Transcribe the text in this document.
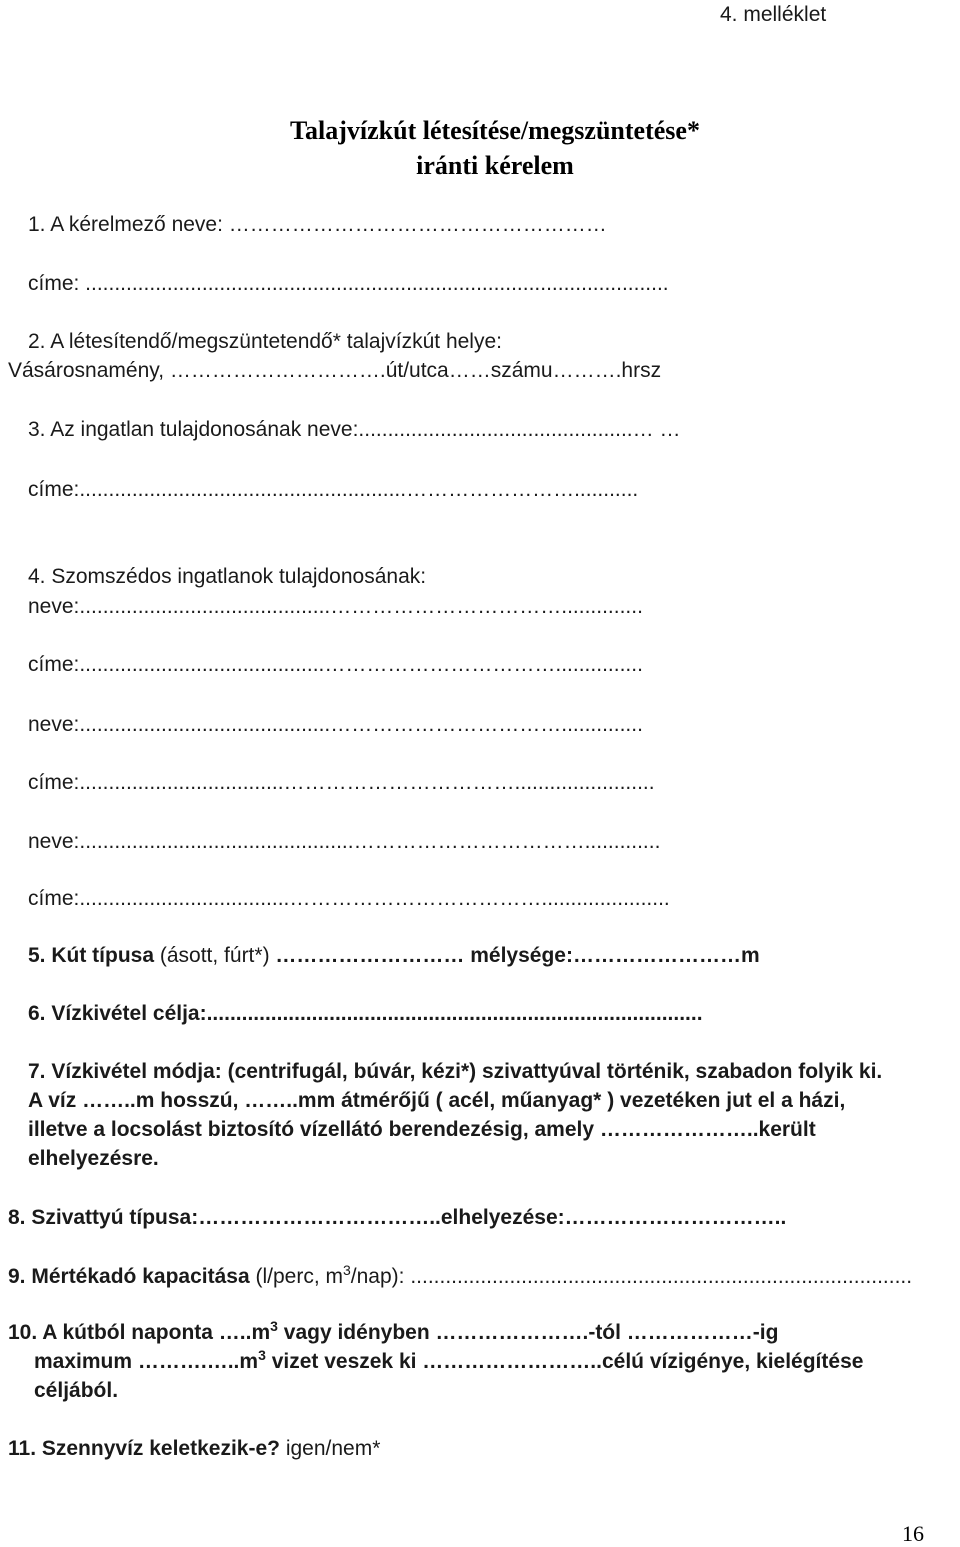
4. melléklet
Talajvízkút létesítése/megszüntetése*
iránti kérelem
1. A kérelmező neve: ………………………………………………
címe: ....................................................................................................
2. A létesítendő/megszüntetendő* talajvízkút helye:
Vásárosnamény, ………………………….út/utca……számu……….hrsz
3. Az ingatlan tulajdonosának neve:...............................................… …
címe:........................................................……………………...........
4. Szomszédos ingatlanok tulajdonosának:
neve:...........................................……………………………..............
címe:..........................................……………………………...............
neve:...........................................……………………………..............
címe:...................................……………………………........................
neve:...............................................…………………………….............
címe:....................................………………………………......................
5. Kút típusa (ásott, fúrt*) ……………………… mélysége:……………………m
6. Vízkivétel célja:.....................................................................................
7. Vízkivétel módja: (centrifugál, búvár, kézi*) szivattyúval történik, szabadon folyik ki.
A víz ……..m hosszú, ……..mm átmérőjű ( acél, műanyag* ) vezetéken jut el a házi,
illetve a locsolást biztosító vízellátó berendezésig, amely …………………..került
elhelyezésre.
8. Szivattyú típusa:……………………………..elhelyezése:…………………………..
9. Mértékadó kapacitása (l/perc, $m^3/nap$): ......................................................................................
10. A kútból naponta $\dots..m^3$ vagy idényben ………………….-tól ………………-ig
maximum $\dots\dots\dots.\dots..m^3$ vizet veszek ki ……………………..célú vízigénye, kielégítése
céljából.
11. Szennyvíz keletkezik-e? igen/nem*
16
